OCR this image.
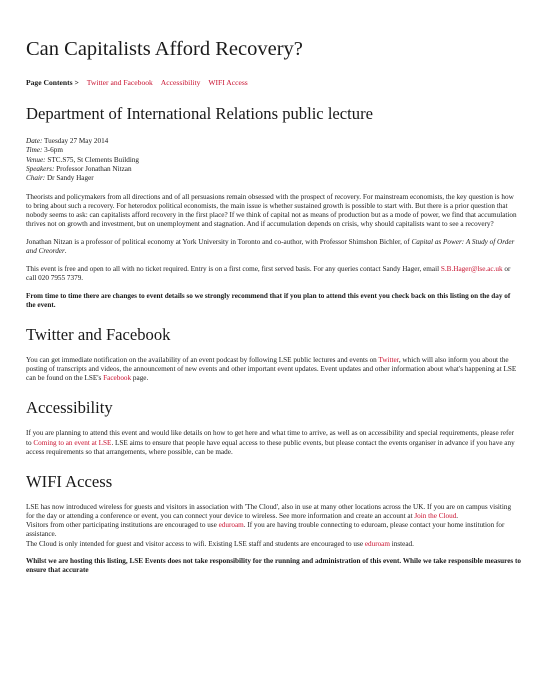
Can Capitalists Afford Recovery?
Page Contents > Twitter and Facebook Accessibility WIFI Access
Department of International Relations public lecture
Date: Tuesday 27 May 2014
Time: 3-6pm
Venue: STC.S75, St Clements Building
Speakers: Professor Jonathan Nitzan
Chair: Dr Sandy Hager

Theorists and policymakers from all directions and of all persuasions remain obsessed with the prospect of recovery. For mainstream economists, the key question is how to bring about such a recovery. For heterodox political economists, the main issue is whether sustained growth is possible to start with. But there is a prior question that nobody seems to ask: can capitalists afford recovery in the first place? If we think of capital not as means of production but as a mode of power, we find that accumulation thrives not on growth and investment, but on unemployment and stagnation. And if accumulation depends on crisis, why should capitalists want to see a recovery?

Jonathan Nitzan is a professor of political economy at York University in Toronto and co-author, with Professor Shimshon Bichler, of Capital as Power: A Study of Order and Creorder.

This event is free and open to all with no ticket required. Entry is on a first come, first served basis. For any queries contact Sandy Hager, email S.B.Hager@lse.ac.uk or call 020 7955 7379.

From time to time there are changes to event details so we strongly recommend that if you plan to attend this event you check back on this listing on the day of the event.

Twitter and Facebook

You can get immediate notification on the availability of an event podcast by following LSE public lectures and events on Twitter, which will also inform you about the posting of transcripts and videos, the announcement of new events and other important event updates. Event updates and other information about what's happening at LSE can be found on the LSE's Facebook page.

Accessibility

If you are planning to attend this event and would like details on how to get here and what time to arrive, as well as on accessibility and special requirements, please refer to Coming to an event at LSE. LSE aims to ensure that people have equal access to these public events, but please contact the events organiser in advance if you have any access requirements so that arrangements, where possible, can be made.

WIFI Access

LSE has now introduced wireless for guests and visitors in association with 'The Cloud', also in use at many other locations across the UK. If you are on campus visiting for the day or attending a conference or event, you can connect your device to wireless. See more information and create an account at Join the Cloud.
Visitors from other participating institutions are encouraged to use eduroam. If you are having trouble connecting to eduroam, please contact your home institution for assistance.
The Cloud is only intended for guest and visitor access to wifi. Existing LSE staff and students are encouraged to use eduroam instead.

Whilst we are hosting this listing, LSE Events does not take responsibility for the running and administration of this event. While we take responsible measures to ensure that accurate
